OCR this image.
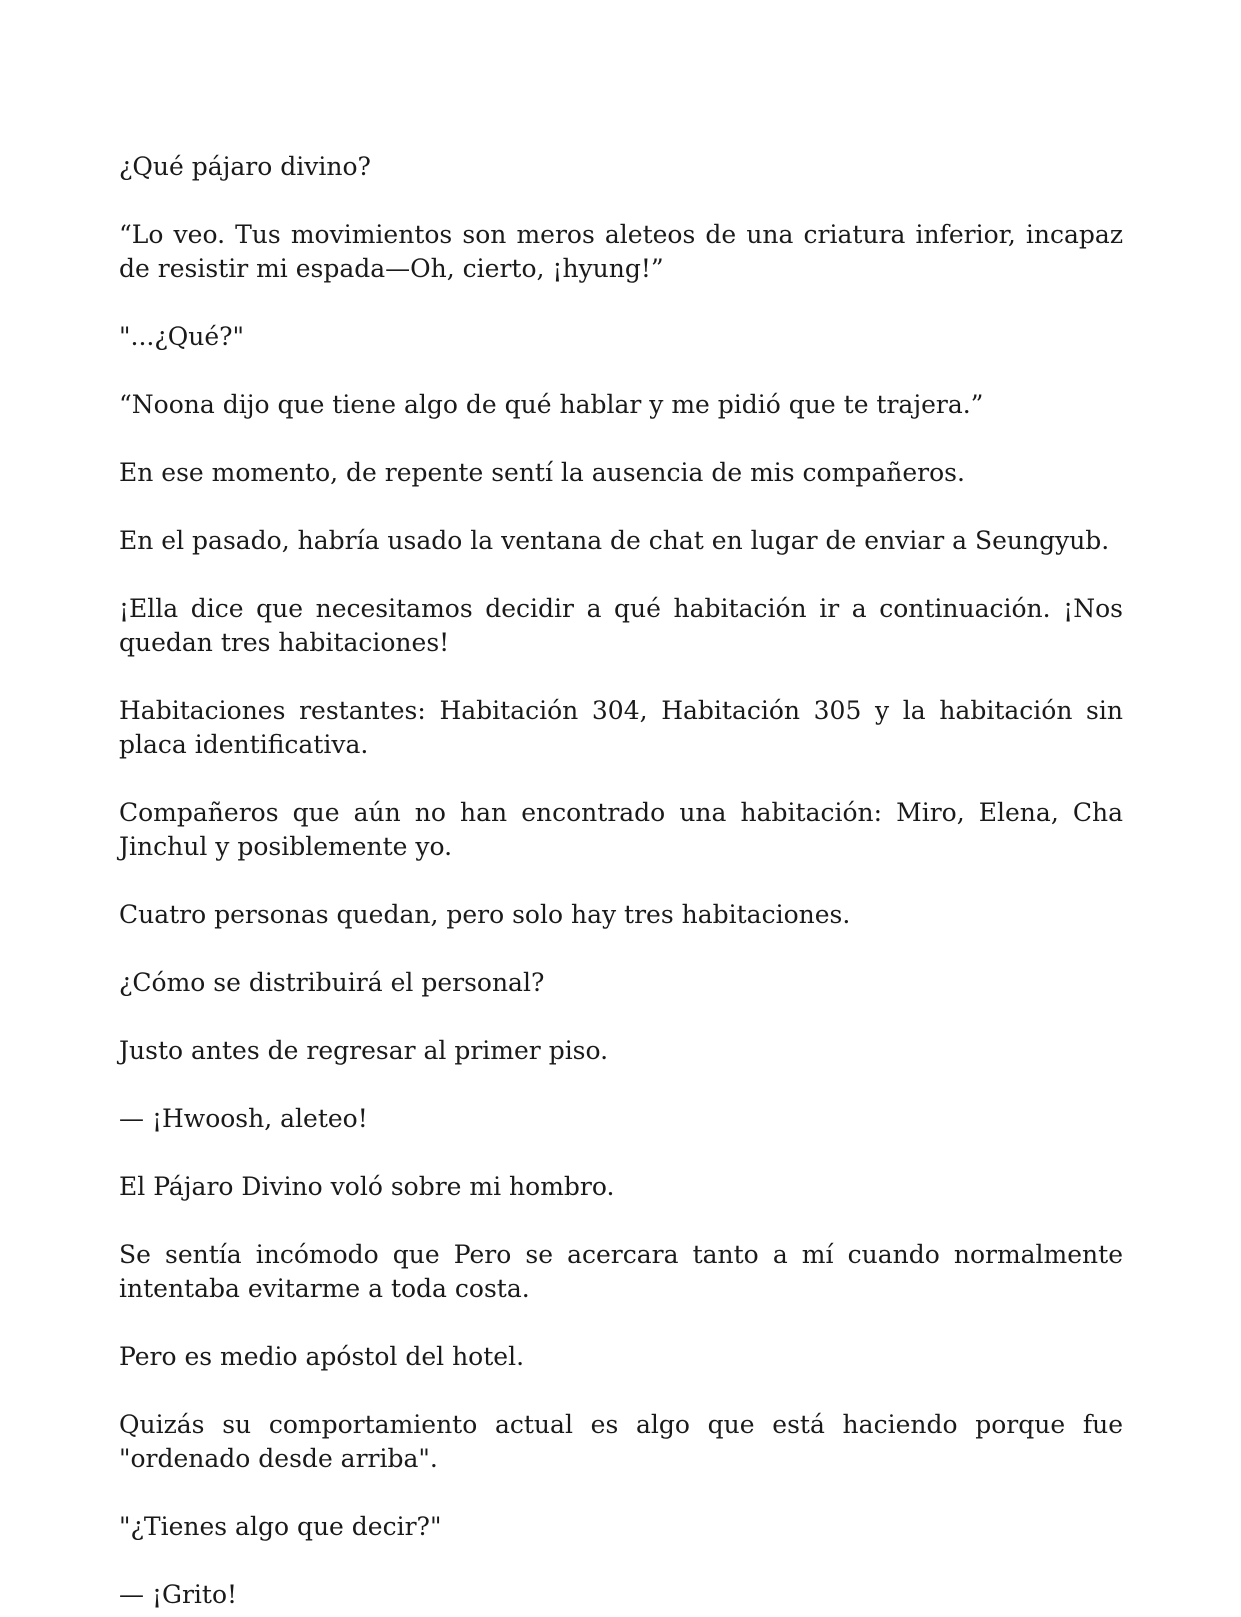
¿Qué pájaro divino?

“Lo veo. Tus movimientos son meros aleteos de una criatura inferior, incapaz de resistir mi espada—Oh, cierto, ¡hyung!”

"...¿Qué?"

“Noona dijo que tiene algo de qué hablar y me pidió que te trajera.”

En ese momento, de repente sentí la ausencia de mis compañeros.

En el pasado, habría usado la ventana de chat en lugar de enviar a Seungyub.

¡Ella dice que necesitamos decidir a qué habitación ir a continuación. ¡Nos quedan tres habitaciones!

Habitaciones restantes: Habitación 304, Habitación 305 y la habitación sin placa identificativa.

Compañeros que aún no han encontrado una habitación: Miro, Elena, Cha Jinchul y posiblemente yo.

Cuatro personas quedan, pero solo hay tres habitaciones.

¿Cómo se distribuirá el personal?

Justo antes de regresar al primer piso.

— ¡Hwoosh, aleteo!

El Pájaro Divino voló sobre mi hombro.

Se sentía incómodo que Pero se acercara tanto a mí cuando normalmente intentaba evitarme a toda costa.

Pero es medio apóstol del hotel.

Quizás su comportamiento actual es algo que está haciendo porque fue "ordenado desde arriba".

"¿Tienes algo que decir?"

— ¡Grito!
